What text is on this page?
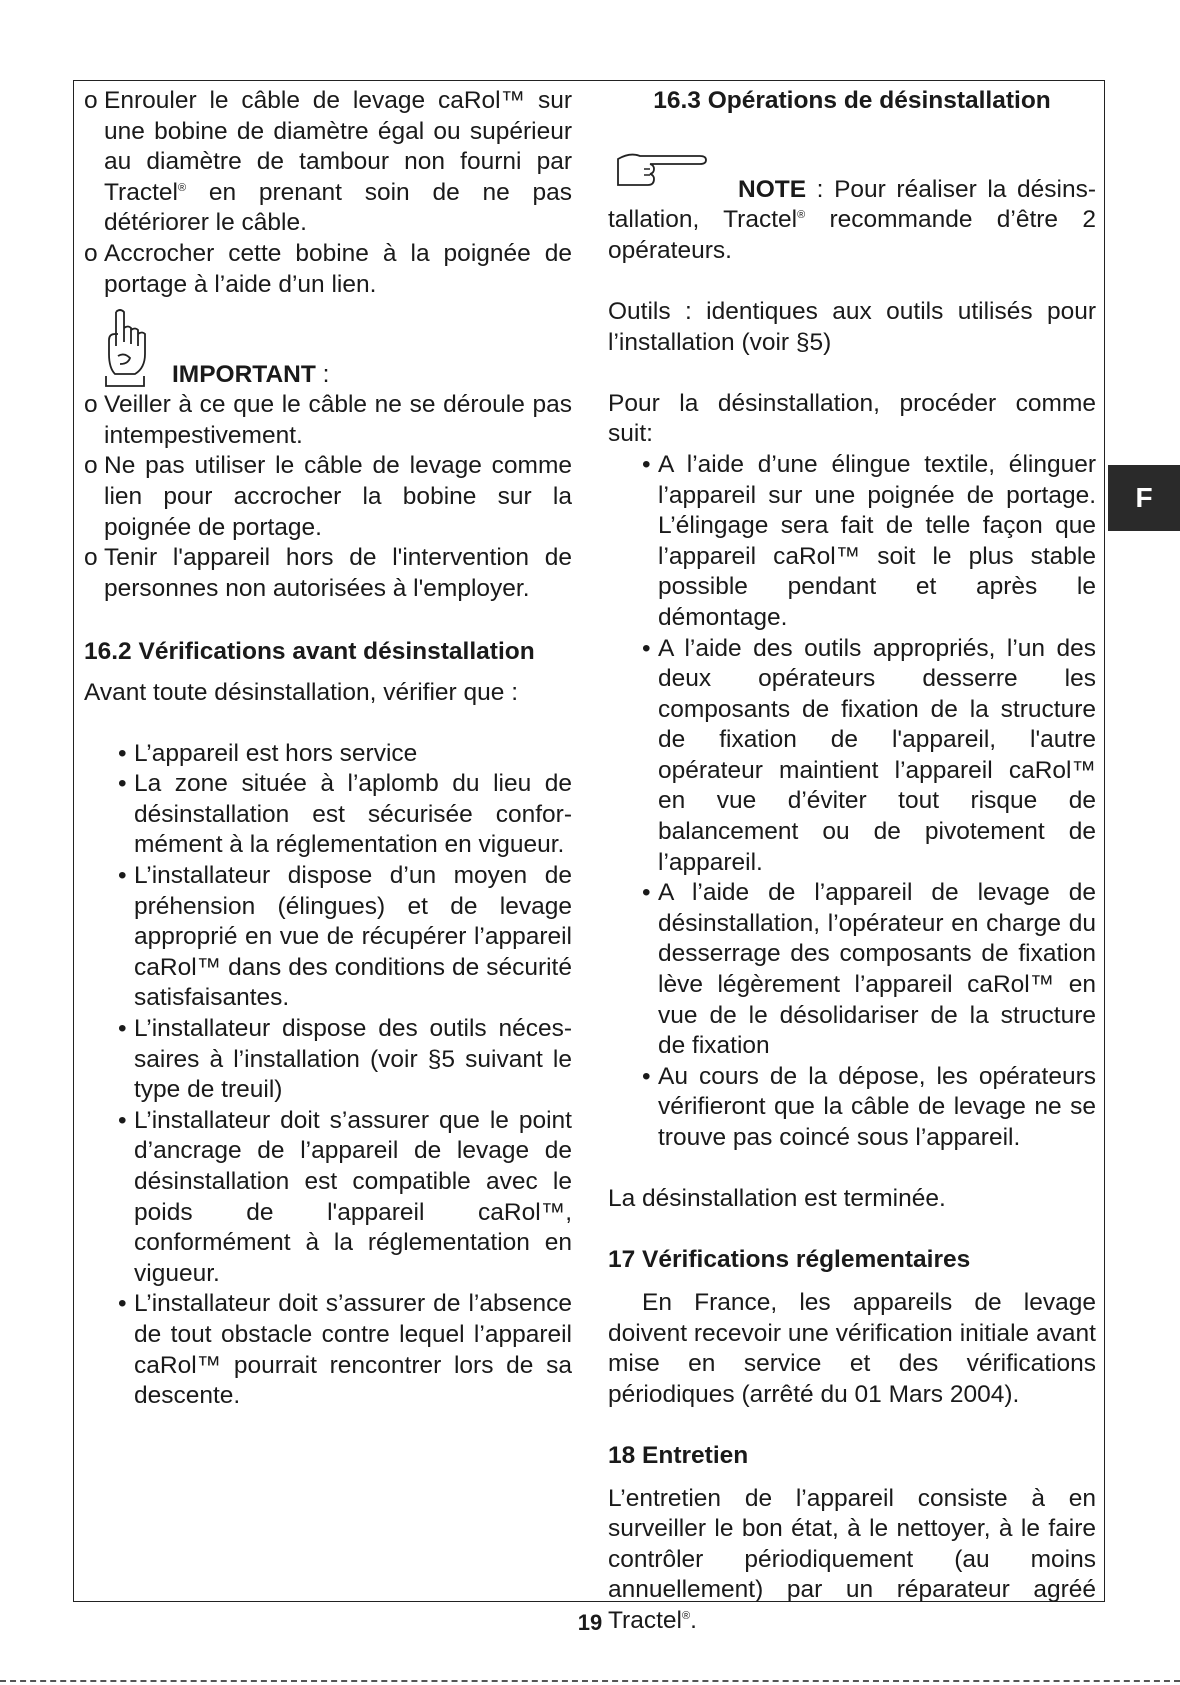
o Enrouler le câble de levage caRol™ sur une bobine de diamètre égal ou supérieur au diamètre de tambour non fourni par Tractel® en prenant soin de ne pas détériorer le câble.

o Accrocher cette bobine à la poignée de portage à l’aide d’un lien.

IMPORTANT :

o Veiller à ce que le câble ne se déroule pas intempestivement.

o Ne pas utiliser le câble de levage comme lien pour accrocher la bobine sur la poignée de portage.

o Tenir l'appareil hors de l'intervention de personnes non autorisées à l'employer.

16.2 Vérifications avant désinstallation

Avant toute désinstallation, vérifier que :

• L’appareil est hors service

• La zone située à l’aplomb du lieu de désinstallation est sécurisée confor-mément à la réglementation en vigueur.

• L’installateur dispose d’un moyen de préhension (élingues) et de levage approprié en vue de récupérer l’appareil caRol™ dans des conditions de sécurité satisfaisantes.

• L’installateur dispose des outils néces-saires à l’installation (voir §5 suivant le type de treuil)

• L’installateur doit s’assurer que le point d’ancrage de l’appareil de levage de désinstallation est compatible avec le poids de l'appareil caRol™, conformément à la réglementation en vigueur.

• L’installateur doit s’assurer de l’absence de tout obstacle contre lequel l’appareil caRol™ pourrait rencontrer lors de sa descente.

16.3 Opérations de désinstallation

NOTE : Pour réaliser la désins-tallation, Tractel® recommande d’être 2 opérateurs.

Outils : identiques aux outils utilisés pour l’installation (voir §5)

Pour la désinstallation, procéder comme suit:

• A l’aide d’une élingue textile, élinguer l’appareil sur une poignée de portage. L’élingage sera fait de telle façon que l’appareil caRol™ soit le plus stable possible pendant et après le démontage.

• A l’aide des outils appropriés, l’un des deux opérateurs desserre les composants de fixation de la structure de fixation de l'appareil, l'autre opérateur maintient l’appareil caRol™ en vue d’éviter tout risque de balancement ou de pivotement de l’appareil.

• A l’aide de l’appareil de levage de désinstallation, l’opérateur en charge du desserrage des composants de fixation lève légèrement l’appareil caRol™ en vue de le désolidariser de la structure de fixation

• Au cours de la dépose, les opérateurs vérifieront que la câble de levage ne se trouve pas coincé sous l’appareil.

La désinstallation est terminée.

17 Vérifications réglementaires

En France, les appareils de levage doivent recevoir une vérification initiale avant mise en service et des vérifications périodiques (arrêté du 01 Mars 2004).

18 Entretien

L’entretien de l’appareil consiste à en surveiller le bon état, à le nettoyer, à le faire contrôler périodiquement (au moins annuellement) par un réparateur agréé Tractel®.

F
19
